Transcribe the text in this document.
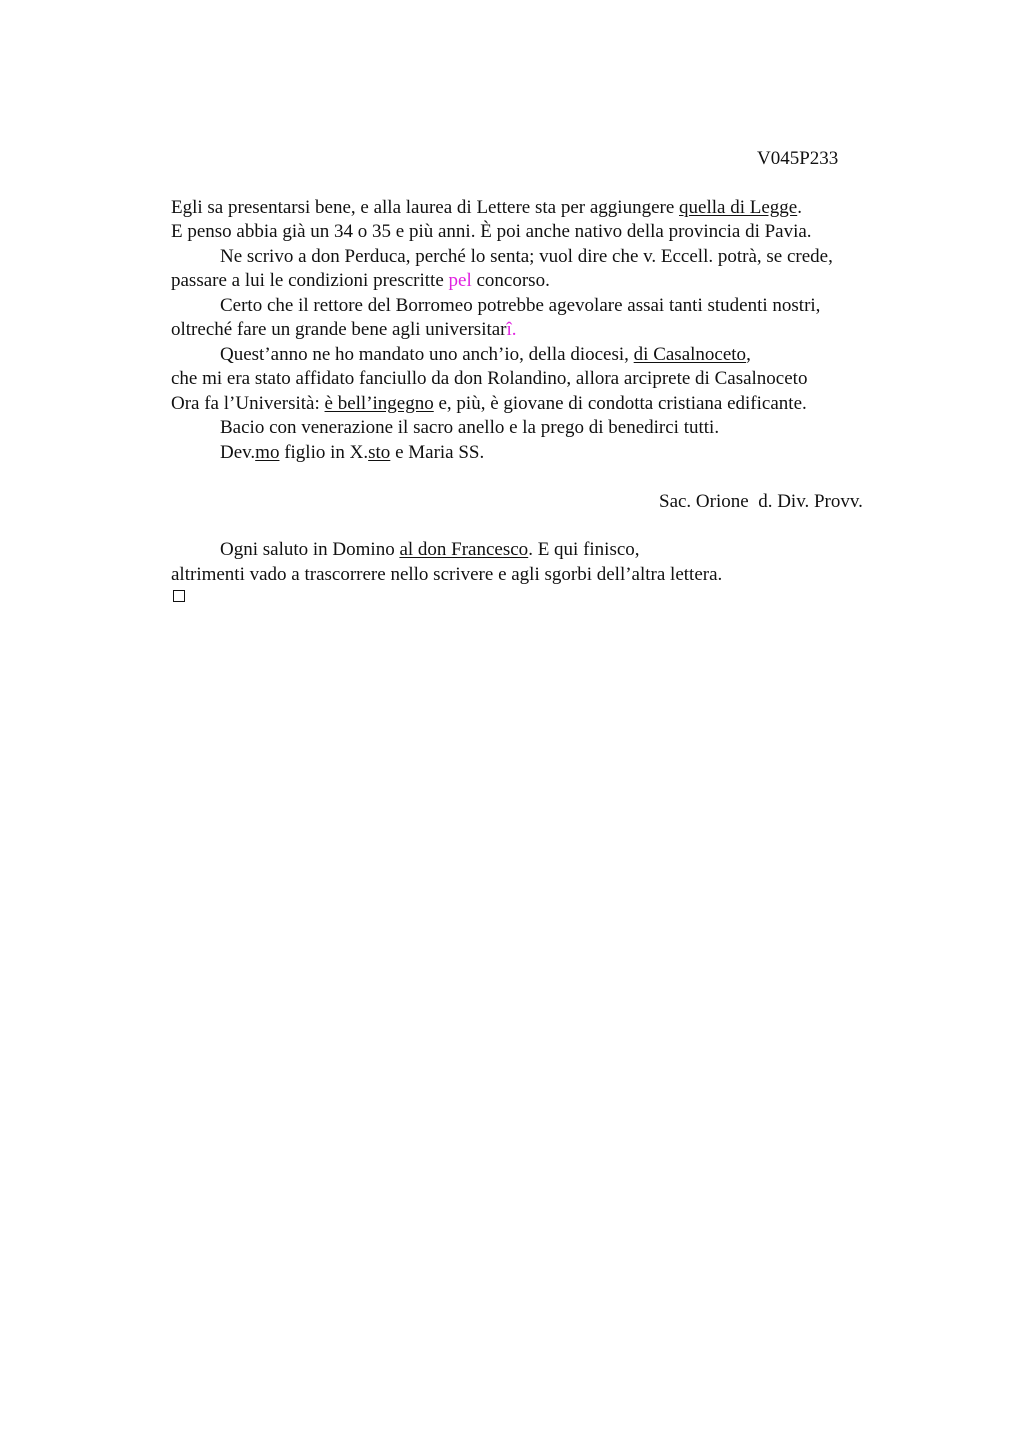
V045P233
Egli sa presentarsi bene, e alla laurea di Lettere sta per aggiungere quella di Legge.
E penso abbia già un 34 o 35 e più anni. È poi anche nativo della provincia di Pavia.
Ne scrivo a don Perduca, perché lo senta; vuol dire che v. Eccell. potrà, se crede,
passare a lui le condizioni prescritte pel concorso.
Certo che il rettore del Borromeo potrebbe agevolare assai tanti studenti nostri,
oltreché fare un grande bene agli universitarî.
Quest’anno ne ho mandato uno anch’io, della diocesi, di Casalnoceto,
che mi era stato affidato fanciullo da don Rolandino, allora arciprete di Casalnoceto
Ora fa l’Università: è bell’ingegno e, più, è giovane di condotta cristiana edificante.
Bacio con venerazione il sacro anello e la prego di benedirci tutti.
Dev.mo figlio in X.sto e Maria SS.
Sac. Orione  d. Div. Provv.
Ogni saluto in Domino al don Francesco. E qui finisco,
altrimenti vado a trascorrere nello scrivere e agli sgorbi dell’altra lettera.
